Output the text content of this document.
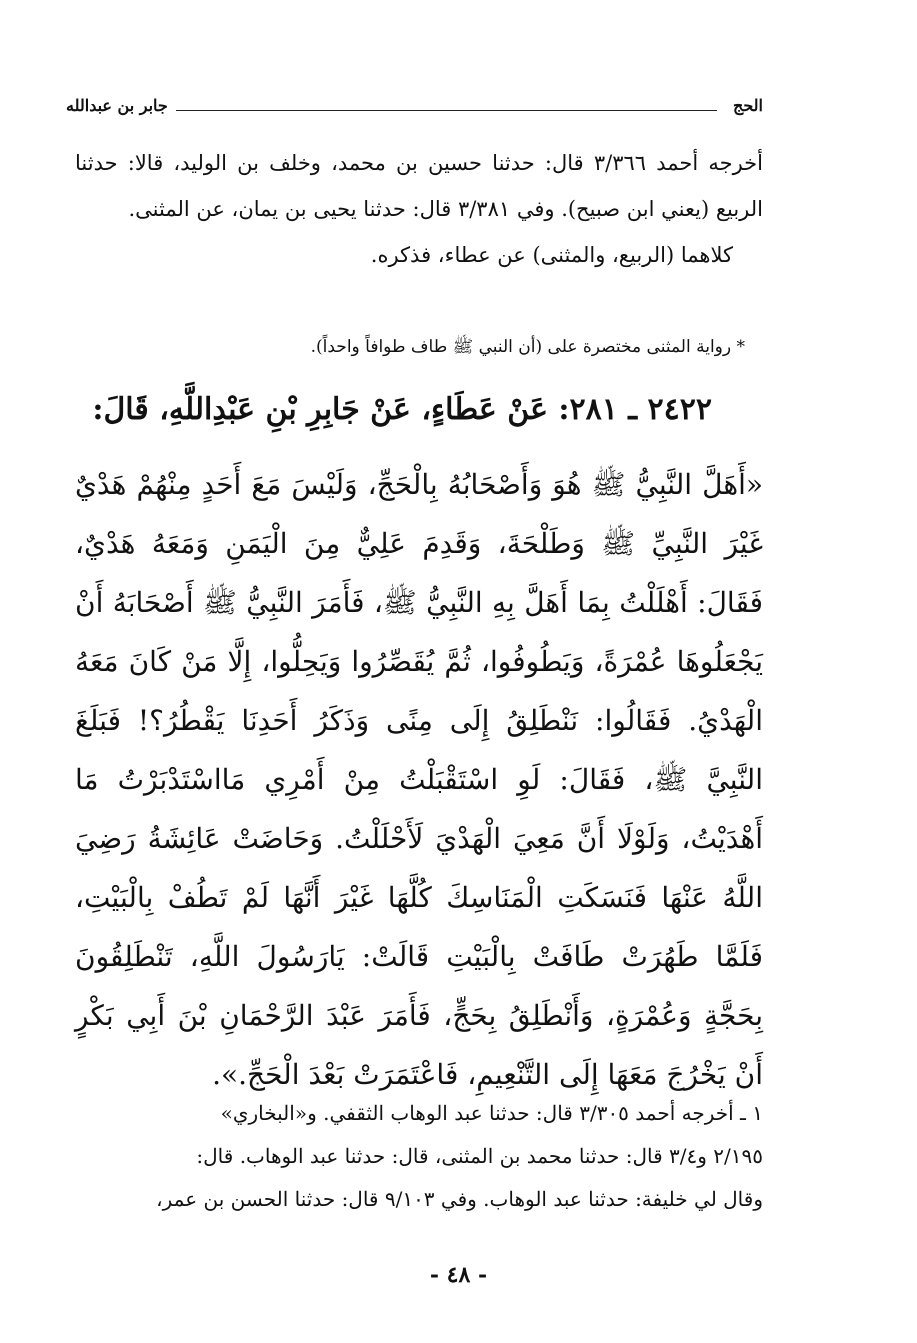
الحج
جابر بن عبدالله

أخرجه أحمد ٣/٣٦٦ قال: حدثنا حسين بن محمد، وخلف بن الوليد، قالا: حدثنا الربيع (يعني ابن صبيح). وفي ٣/٣٨١ قال: حدثنا يحيى بن يمان، عن المثنى.

كلاهما (الربيع، والمثنى) عن عطاء، فذكره.

* رواية المثنى مختصرة على (أن النبي ﷺ طاف طوافاً واحداً).
٢٤٢٢ ـ ٢٨١: عَنْ عَطَاءٍ، عَنْ جَابِرِ بْنِ عَبْدِاللَّهِ، قَالَ:
«أَهَلَّ النَّبِيُّ ﷺ هُوَ وَأَصْحَابُهُ بِالْحَجِّ، وَلَيْسَ مَعَ أَحَدٍ مِنْهُمْ هَدْيٌ غَيْرَ النَّبِيِّ ﷺ وَطَلْحَةَ، وَقَدِمَ عَلِيٌّ مِنَ الْيَمَنِ وَمَعَهُ هَدْيٌ، فَقَالَ: أَهْلَلْتُ بِمَا أَهَلَّ بِهِ النَّبِيُّ ﷺ، فَأَمَرَ النَّبِيُّ ﷺ أَصْحَابَهُ أَنْ يَجْعَلُوهَا عُمْرَةً، وَيَطُوفُوا، ثُمَّ يُقَصِّرُوا وَيَحِلُّوا، إِلَّا مَنْ كَانَ مَعَهُ الْهَدْيُ. فَقَالُوا: نَنْطَلِقُ إِلَى مِنًى وَذَكَرُ أَحَدِنَا يَقْطُرُ؟! فَبَلَغَ النَّبِيَّ ﷺ، فَقَالَ: لَوِ اسْتَقْبَلْتُ مِنْ أَمْرِي مَااسْتَدْبَرْتُ مَا أَهْدَيْتُ، وَلَوْلَا أَنَّ مَعِيَ الْهَدْيَ لَأَحْلَلْتُ. وَحَاضَتْ عَائِشَةُ رَضِيَ اللَّهُ عَنْهَا فَنَسَكَتِ الْمَنَاسِكَ كُلَّهَا غَيْرَ أَنَّهَا لَمْ تَطُفْ بِالْبَيْتِ، فَلَمَّا طَهُرَتْ طَافَتْ بِالْبَيْتِ قَالَتْ: يَارَسُولَ اللَّهِ، تَنْطَلِقُونَ بِحَجَّةٍ وَعُمْرَةٍ، وَأَنْطَلِقُ بِحَجٍّ، فَأَمَرَ عَبْدَ الرَّحْمَانِ بْنَ أَبِي بَكْرٍ أَنْ يَخْرُجَ مَعَهَا إِلَى التَّنْعِيمِ، فَاعْتَمَرَتْ بَعْدَ الْحَجِّ.».

١ ـ أخرجه أحمد ٣/٣٠٥ قال: حدثنا عبد الوهاب الثقفي. و«البخاري»

٢/١٩٥ و٣/٤ قال: حدثنا محمد بن المثنى، قال: حدثنا عبد الوهاب. قال:

وقال لي خليفة: حدثنا عبد الوهاب. وفي ٩/١٠٣ قال: حدثنا الحسن بن عمر،

- ٤٨ -
